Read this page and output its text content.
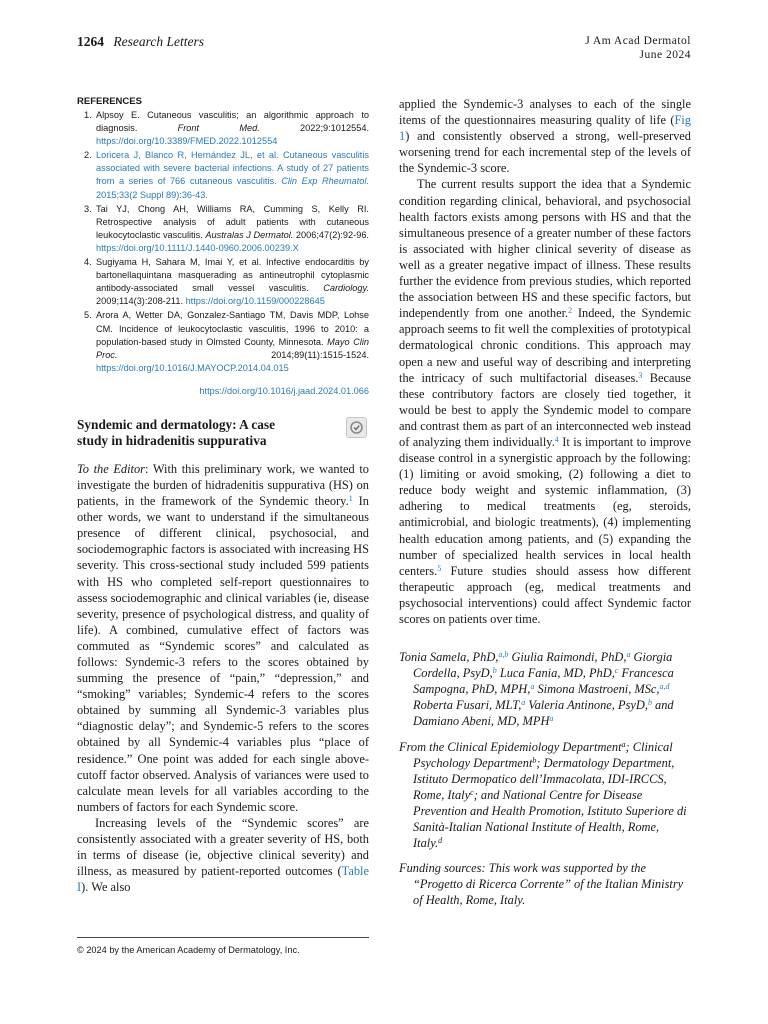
1264 Research Letters	J Am Acad Dermatol
June 2024
REFERENCES
1. Alpsoy E. Cutaneous vasculitis; an algorithmic approach to diagnosis. Front Med. 2022;9:1012554. https://doi.org/10.3389/FMED.2022.1012554
2. Loricera J, Blanco R, Hernández JL, et al. Cutaneous vasculitis associated with severe bacterial infections. A study of 27 patients from a series of 766 cutaneous vasculitis. Clin Exp Rheumatol. 2015;33(2 Suppl 89):36-43.
3. Tai YJ, Chong AH, Williams RA, Cumming S, Kelly RI. Retrospective analysis of adult patients with cutaneous leukocytoclastic vasculitis. Australas J Dermatol. 2006;47(2):92-96. https://doi.org/10.1111/J.1440-0960.2006.00239.X
4. Sugiyama H, Sahara M, Imai Y, et al. Infective endocarditis by bartonellaquintana masquerading as antineutrophil cytoplasmic antibody-associated small vessel vasculitis. Cardiology. 2009;114(3):208-211. https://doi.org/10.1159/000228645
5. Arora A, Wetter DA, Gonzalez-Santiago TM, Davis MDP, Lohse CM. Incidence of leukocytoclastic vasculitis, 1996 to 2010: a population-based study in Olmsted County, Minnesota. Mayo Clin Proc. 2014;89(11):1515-1524. https://doi.org/10.1016/J.MAYOCP.2014.04.015
https://doi.org/10.1016/j.jaad.2024.01.066
Syndemic and dermatology: A case study in hidradenitis suppurativa

To the Editor: With this preliminary work, we wanted to investigate the burden of hidradenitis suppurativa (HS) on patients, in the framework of the Syndemic theory.$^1$ In other words, we want to understand if the simultaneous presence of different clinical, psychosocial, and sociodemographic factors is associated with increasing HS severity. This cross-sectional study included 599 patients with HS who completed self-report questionnaires to assess sociodemographic and clinical variables (ie, disease severity, presence of psychological distress, and quality of life). A combined, cumulative effect of factors was commuted as “Syndemic scores” and calculated as follows: Syndemic-3 refers to the scores obtained by summing the presence of “pain,” “depression,” and “smoking” variables; Syndemic-4 refers to the scores obtained by summing all Syndemic-3 variables plus “diagnostic delay”; and Syndemic-5 refers to the scores obtained by all Syndemic-4 variables plus “place of residence.” One point was added for each single above-cutoff factor observed. Analysis of variances were used to calculate mean levels for all variables according to the numbers of factors for each Syndemic score.

Increasing levels of the “Syndemic scores” are consistently associated with a greater severity of HS, both in terms of disease (ie, objective clinical severity) and illness, as measured by patient-reported outcomes (Table I). We also

applied the Syndemic-3 analyses to each of the single items of the questionnaires measuring quality of life (Fig 1) and consistently observed a strong, well-preserved worsening trend for each incremental step of the levels of the Syndemic-3 score.

The current results support the idea that a Syndemic condition regarding clinical, behavioral, and psychosocial health factors exists among persons with HS and that the simultaneous presence of a greater number of these factors is associated with higher clinical severity of disease as well as a greater negative impact of illness. These results further the evidence from previous studies, which reported the association between HS and these specific factors, but independently from one another.$^2$ Indeed, the Syndemic approach seems to fit well the complexities of prototypical dermatological chronic conditions. This approach may open a new and useful way of describing and interpreting the intricacy of such multifactorial diseases.$^3$ Because these contributory factors are closely tied together, it would be best to apply the Syndemic model to compare and contrast them as part of an interconnected web instead of analyzing them individually.$^4$ It is important to improve disease control in a synergistic approach by the following: (1) limiting or avoid smoking, (2) following a diet to reduce body weight and systemic inflammation, (3) adhering to medical treatments (eg, steroids, antimicrobial, and biologic treatments), (4) implementing health education among patients, and (5) expanding the number of specialized health services in local health centers.$^5$ Future studies should assess how different therapeutic approach (eg, medical treatments and psychosocial interventions) could affect Syndemic factor scores on patients over time.

Tonia Samela, PhD,$^{a,b}$ Giulia Raimondi, PhD,$^a$ Giorgia Cordella, PsyD,$^b$ Luca Fania, MD, PhD,$^c$ Francesca Sampogna, PhD, MPH,$^a$ Simona Mastroeni, MSc,$^{a,d}$ Roberta Fusari, MLT,$^a$ Valeria Antinone, PsyD,$^b$ and Damiano Abeni, MD, MPH$^a$

From the Clinical Epidemiology Department$^a$; Clinical Psychology Department$^b$; Dermatology Department, Istituto Dermopatico dell’Immacolata, IDI-IRCCS, Rome, Italy$^c$; and National Centre for Disease Prevention and Health Promotion, Istituto Superiore di Sanità-Italian National Institute of Health, Rome, Italy.$^d$

Funding sources: This work was supported by the “Progetto di Ricerca Corrente” of the Italian Ministry of Health, Rome, Italy.

© 2024 by the American Academy of Dermatology, Inc.
